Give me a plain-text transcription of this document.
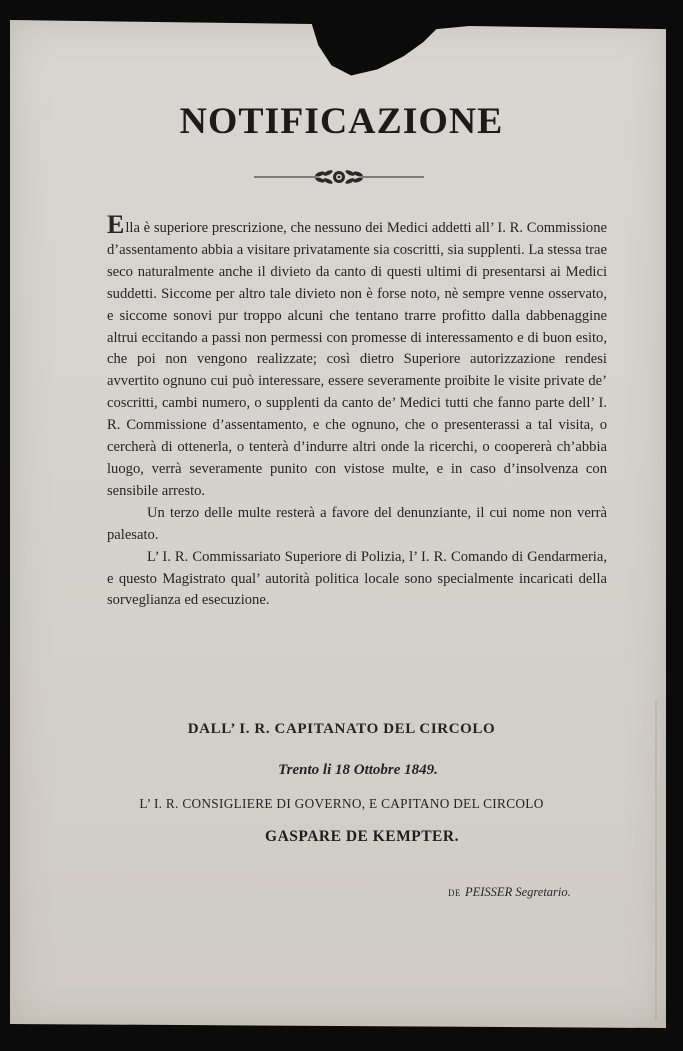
NOTIFICAZIONE

Ella è superiore prescrizione, che nessuno dei Medici addetti all’ I. R. Commissione d’assentamento abbia a visitare privatamente sia coscritti, sia supplenti. La stessa trae seco naturalmente anche il divieto da canto di questi ultimi di presentarsi ai Medici suddetti. Siccome per altro tale divieto non è forse noto, nè sempre venne osservato, e siccome sonovi pur troppo alcuni che tentano trarre profitto dalla dabbenaggine altrui eccitando a passi non permessi con promesse di interessamento e di buon esito, che poi non vengono realizzate; così dietro Superiore autorizzazione rendesi avvertito ognuno cui può interessare, essere severamente proibite le visite private de’ coscritti, cambi numero, o supplenti da canto de’ Medici tutti che fanno parte dell’ I. R. Commissione d’assentamento, e che ognuno, che o presenterassi a tal visita, o cercherà di ottenerla, o tenterà d’indurre altri onde la ricerchi, o coopererà ch’abbia luogo, verrà severamente punito con vistose multe, e in caso d’insolvenza con sensibile arresto.

Un terzo delle multe resterà a favore del denunziante, il cui nome non verrà palesato.

L’ I. R. Commissariato Superiore di Polizia, l’ I. R. Comando di Gendarmeria, e questo Magistrato qual’ autorità politica locale sono specialmente incaricati della sorveglianza ed esecuzione.

DALL’ I. R. CAPITANATO DEL CIRCOLO
Trento li 18 Ottobre 1849.
L’ I. R. CONSIGLIERE DI GOVERNO, E CAPITANO DEL CIRCOLO
GASPARE DE KEMPTER.
DE PEISSER Segretario.
